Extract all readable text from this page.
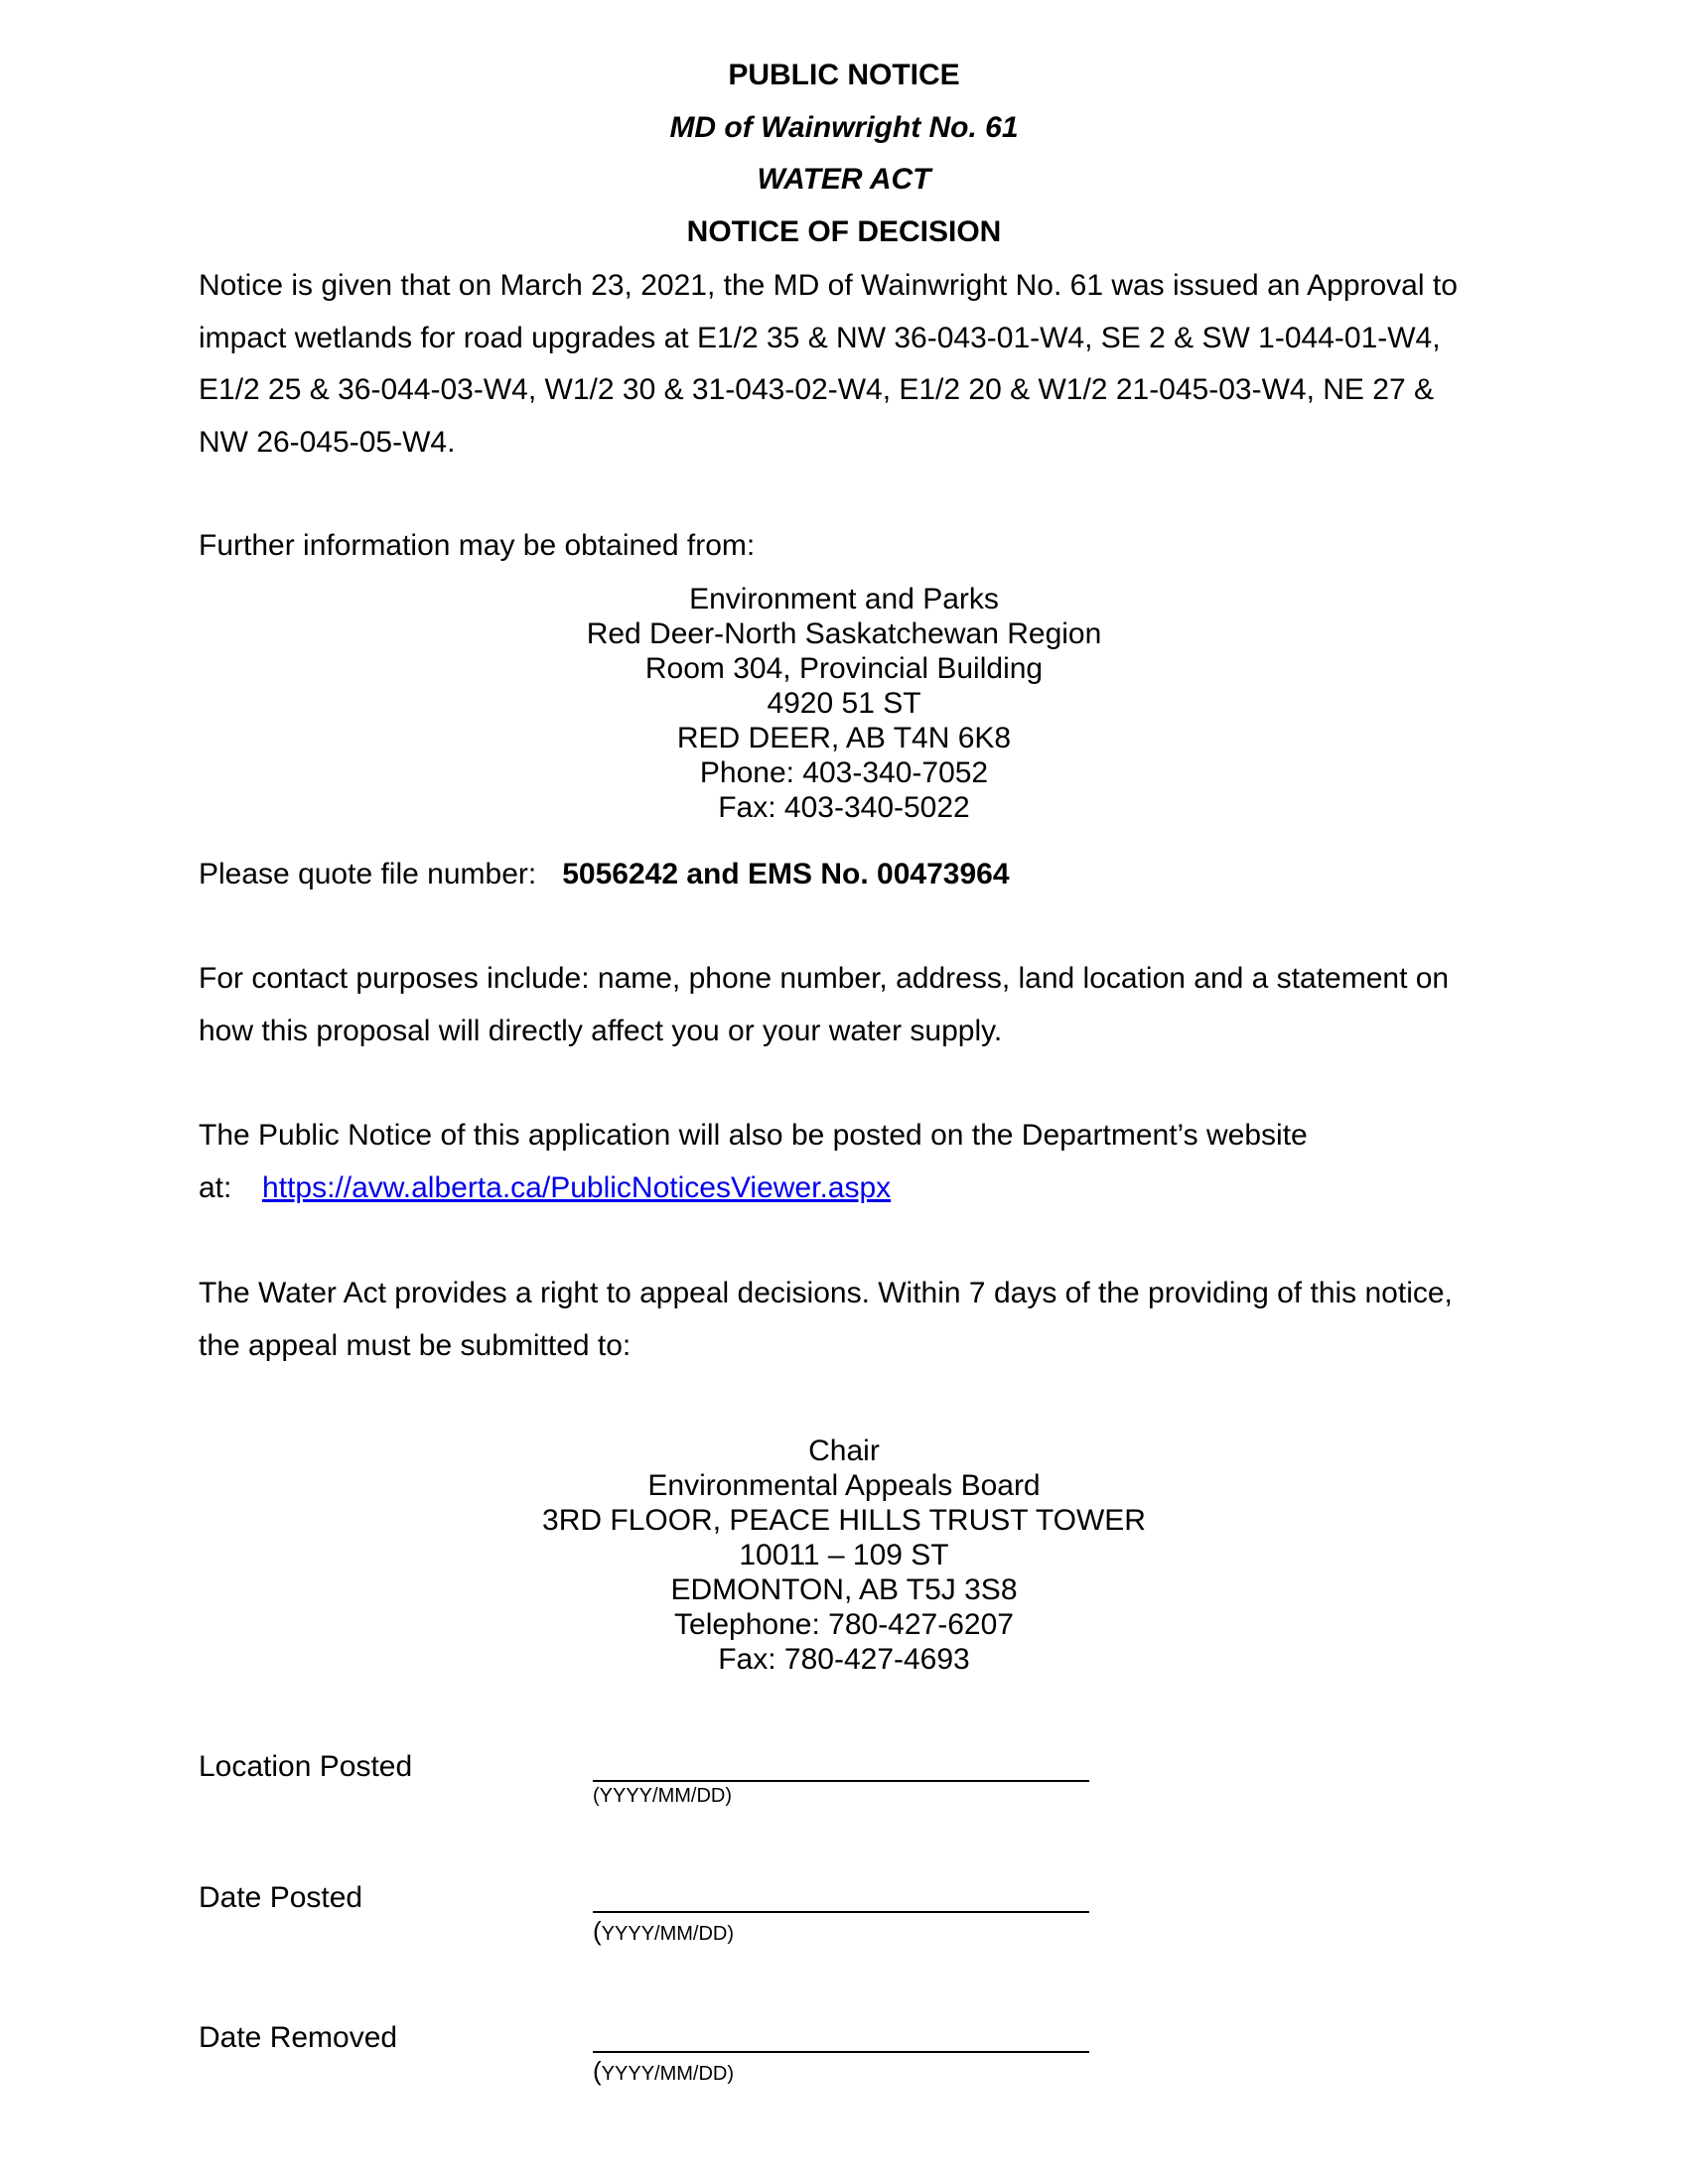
PUBLIC NOTICE
MD of Wainwright No. 61
WATER ACT
NOTICE OF DECISION
Notice is given that on March 23, 2021, the MD of Wainwright No. 61 was issued an Approval to
impact wetlands for road upgrades at E1/2 35 & NW 36-043-01-W4, SE 2 & SW 1-044-01-W4,
E1/2 25 & 36-044-03-W4, W1/2 30 & 31-043-02-W4, E1/2 20 & W1/2 21-045-03-W4, NE 27 &
NW 26-045-05-W4.
Further information may be obtained from:
Environment and Parks
Red Deer-North Saskatchewan Region
Room 304, Provincial Building
4920 51 ST
RED DEER, AB T4N 6K8
Phone: 403-340-7052
Fax: 403-340-5022
Please quote file number: 5056242 and EMS No. 00473964
For contact purposes include: name, phone number, address, land location and a statement on
how this proposal will directly affect you or your water supply.
The Public Notice of this application will also be posted on the Department’s website
at: https://avw.alberta.ca/PublicNoticesViewer.aspx
The Water Act provides a right to appeal decisions. Within 7 days of the providing of this notice,
the appeal must be submitted to:
Chair
Environmental Appeals Board
3RD FLOOR, PEACE HILLS TRUST TOWER
10011 – 109 ST
EDMONTON, AB T5J 3S8
Telephone: 780-427-6207
Fax: 780-427-4693
Location Posted
(YYYY/MM/DD)
Date Posted
(YYYY/MM/DD)
Date Removed
(YYYY/MM/DD)
